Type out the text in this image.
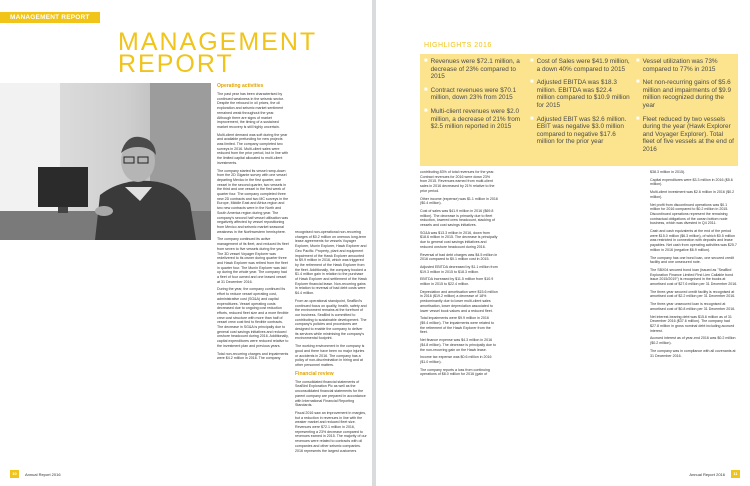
MANAGEMENT REPORT
MANAGEMENT
REPORT
Operating activities

The past year has been characterised by continued weakness in the seismic sector. Despite the rebound in oil prices, the oil exploration and seismic market sentiment remained weak throughout the year. Although there are signs of market improvement, the timing of a sustained market recovery is still highly uncertain.

Multi-client demand was soft during the year and available prefunding for new projects was limited. The company completed two surveys in 2016. Multi-client sales were reduced from the prior period, but in line with the limited capital allocated to multi-client investments.

The company started its vessel ramp-down from the 2D Gigante survey with one vessel departing Mexico in the first quarter, one vessel in the second quarter, two vessels in the third and one vessel in the first week of quarter four. The company completed three new 2D contracts and two MC surveys in the Europe, Middle East and Africa region and two new contracts were in the North and South America region during year. The company's second half vessel utilisation was negatively affected by vessel repositioning from Mexico and seismic market seasonal weakness in the Northwestern hemisphere.

The company continued its active management of its fleet, and reduced its fleet from seven to five vessels during the year. The 3D vessel Voyager Explorer was redelivered to its owner during quarter three and Hawk Explorer was retired from the fleet in quarter four. The Munin Explorer was laid up during the whole year. The company had a fleet of four owned and one leased vessel at 31 December 2016.

During the year, the company continued its effort to reduce vessel operating cost, administrative cost (SG&A) and capital expenditures. Vessel operating costs decreased due to ongoing cost reduction efforts, reduced fleet size and a more flexible crew cost structure with more than half of vessel crew cost tied to flexible contracts. The decrease in SG&A is principally due to general cost savings initiatives and reduced onshore headcount during 2016. Additionally, capital expenditures were reduced relative to the investment plan and previous years.

Total non-recurring charges and impairments were $4.2 million in 2016. The company

recognised non-operational non-recurring charges of $0.2 million on onerous long-term lease agreements for vessels Voyager Explorer, Munin Explorer, Hawk Explorer and Geo Pacific. Property, plant and equipment impairment of the Hawk Explorer amounted to $9.9 million in 2016, which was triggered by the retirement of the Hawk Explorer from the fleet. Additionally, the company booked a $1.4 million gain in relation to the purchase of Hawk Explorer and settlement of the Hawk Explorer financial lease. Non-recurring gains in relation to reversal of bad debt costs were $4.4 million.

From an operational standpoint, SeaBird's continued focus on quality, health, safety and the environment remains at the forefront of our business. SeaBird is committed to contributing to sustainable development. The company's policies and procedures are designed to enable the company to deliver its services while minimising the company's environmental footprint.

The working environment in the company is good and there have been no major injuries or accidents in 2016. The company has a policy of non-discrimination in hiring and at other personnel matters.

Financial review

The consolidated financial statements of SeaBird Exploration Plc as well as the unconsolidated financial statements for the parent company are prepared in accordance with International Financial Reporting Standards.

Fiscal 2016 saw an improvement in margins, but a reduction in revenues in line with the weaker market and reduced fleet size. Revenues were $72.1 million in 2016, representing a 23% decrease compared to revenues earned in 2015. The majority of our revenues were related to contracts with oil companies and other seismic companies. 2016 represents the largest customers

10	Annual Report 2016
HIGHLIGHTS 2016
■ Revenues were $72.1 million, a decrease of 23% compared to 2015
■ Contract revenues were $70.1 million, down 23% from 2015
■ Multi-client revenues were $2.0 million, a decrease of 21% from $2.5 million reported in 2015
■ Cost of Sales were $41.9 million, a down 40% compared to 2015
■ Adjusted EBITDA was $18.3 million. EBITDA was $22.4 million compared to $10.9 million for 2015
■ Adjusted EBIT was $2.6 million. EBIT was negative $3.0 million compared to negative $17.6 million for the prior year
■ Vessel utilization was 73% compared to 77% in 2015
■ Net non-recurring gains of $5.6 million and impairments of $9.9 million recognized during the year
■ Fleet reduced by two vessels during the year (Hawk Explorer and Voyager Explorer). Total fleet of five vessels at the end of 2016

contributing 83% of total revenues for the year. Contract revenues for 2016 were down 23% from 2015. Revenues earned from multi-client sales in 2016 decreased by 21% relative to the prior period.

Other income (expense) was $1.1 million in 2016 ($0.4 million).

Cost of sales was $41.9 million in 2016 ($69.8 million). The decrease is primarily due to fleet reduction, lowered crew headcount, stacking of vessels and cost savings initiatives.

SG&A was $13.3 million in 2016, down from $18.6 million in 2015. The decrease is principally due to general cost savings initiatives and reduced onshore headcount during 2016.

Reversal of bad debt charges was $4.5 million in 2016 compared to $0.1 million cost in 2015.

Adjusted EBITDA decreased by $1.1 million from $19.3 million in 2015 to $18.3 million.

EBITDA increased by $11.5 million from $10.9 million in 2015 to $22.4 million.

Depreciation and amortisation were $15.6 million in 2016 ($19.2 million) a decrease of 18% predominantly due to lower multi-client sales amortisation, lower depreciation associated to lower vessel book values and a reduced fleet.

Total impairments were $9.9 million in 2016 ($9.4 million). The impairments were related to the retirement of the Hawk Explorer from the fleet.

Net finance expense was $4.3 million in 2016 ($4.8 million). The decrease is principally due to the non-recurring gain on the Hawk lease.

Income tax expense was $0.6 million in 2016 ($1.0 million).

The company reports a loss from continuing operations of $8.0 million for 2016 (gain of

$38.3 million in 2015).

Capital expenditures were $3.3 million in 2016 ($5.6 million).

Multi-client investment was $2.6 million in 2016 ($0.2 million).

Net profit from discontinued operations was $0.1 million for 2016 compared to $0.2 million in 2015. Discontinued operations represent the remaining contractual obligations of the ocean bottom node business, which was divested in Q4 2011.

Cash and cash equivalents at the end of the period were $15.0 million ($6.3 million), of which $0.5 million was restricted in connection with deposits and lease payables. Net cash from operating activities was $25.7 million in 2016 (negative $6.9 million).

The company has one bond loan, one secured credit facility and one unsecured note.

The SBX04 secured bond loan (issued as "SeaBird Exploration Finance Limited First Lien Callable bond issue 2015/2019") is recognised in the books at amortised cost of $27.6 million per 31 December 2016.

The three-year secured credit facility is recognised at amortised cost of $2.2 million per 31 December 2016.

The three-year unsecured loan is recognised at amortised cost of $0.8 million per 31 December 2016.

Net interest-bearing debt was $15.6 million as of 31 December 2016 ($37.6 million). The company had $27.8 million in gross nominal debt including accrued interest.

Accrued interest as of year-end 2016 was $0.2 million ($0.2 million).

The company was in compliance with all covenants at 31 December 2016.

Annual Report 2016	11
